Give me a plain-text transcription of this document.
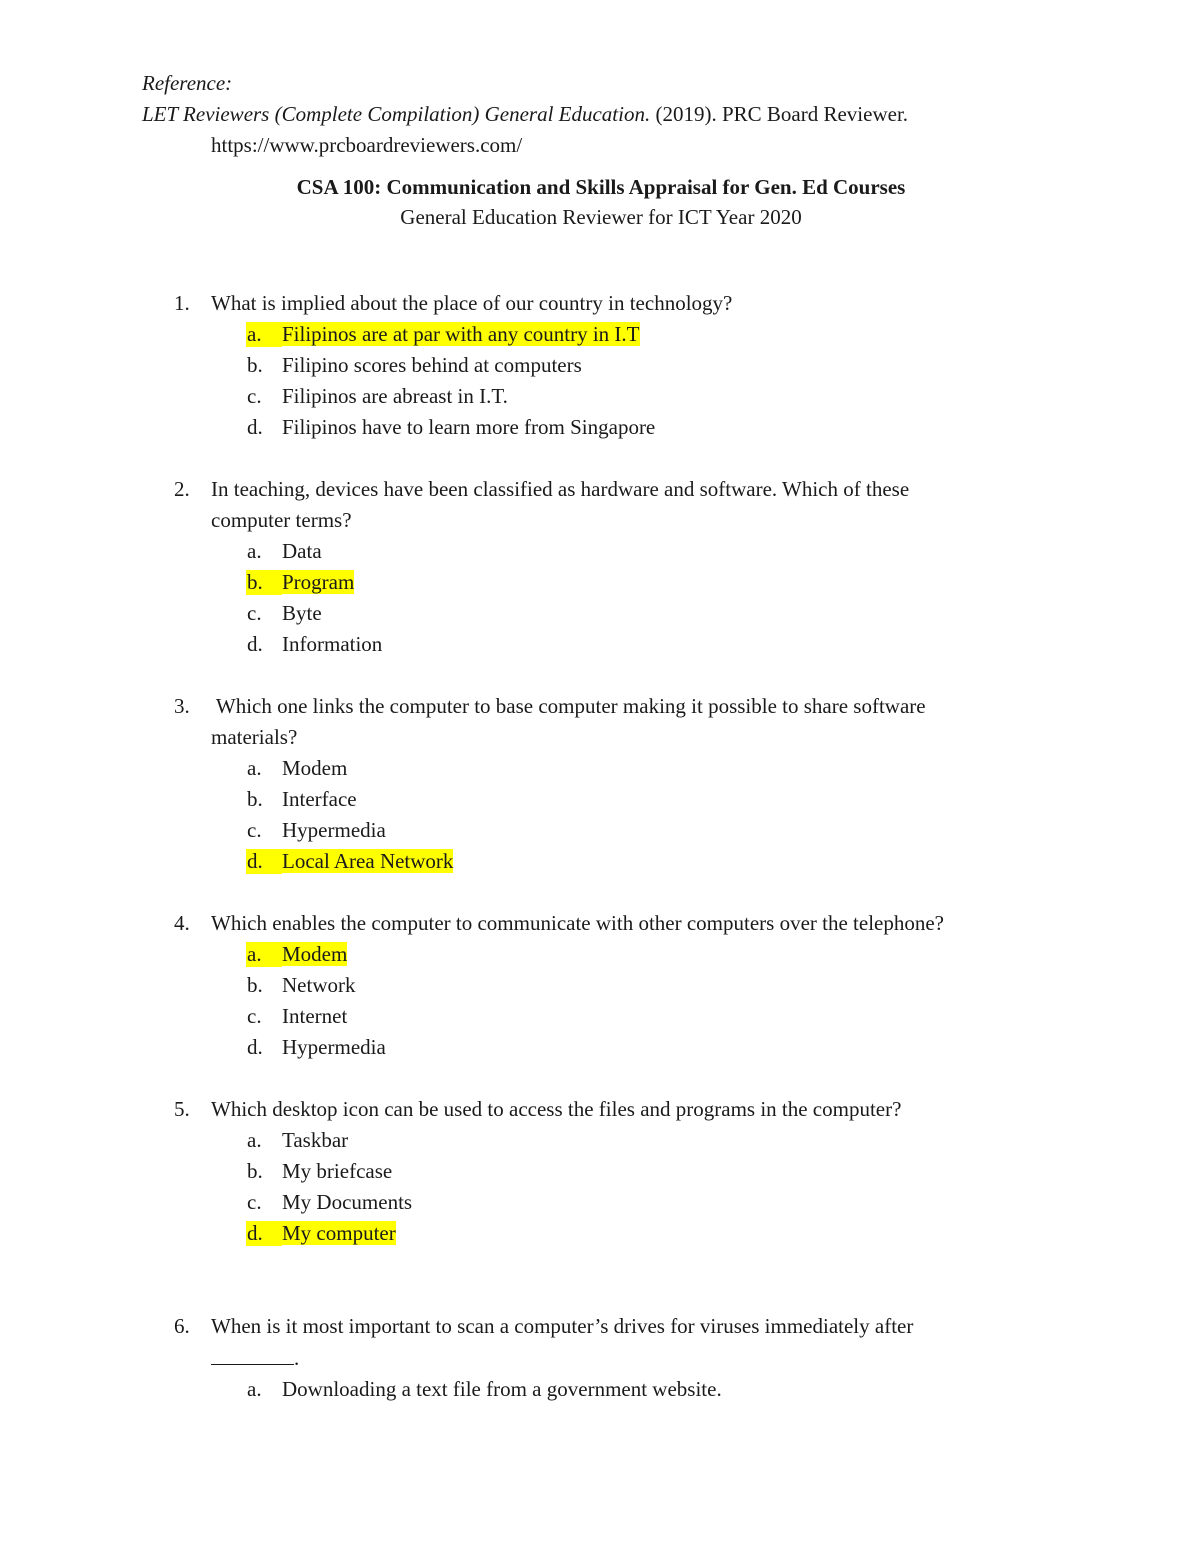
Reference:
LET Reviewers (Complete Compilation) General Education. (2019). PRC Board Reviewer.
https://www.prcboardreviewers.com/
CSA 100: Communication and Skills Appraisal for Gen. Ed Courses
General Education Reviewer for ICT Year 2020
1. What is implied about the place of our country in technology?
a. Filipinos are at par with any country in I.T
b. Filipino scores behind at computers
c. Filipinos are abreast in I.T.
d. Filipinos have to learn more from Singapore
2. In teaching, devices have been classified as hardware and software. Which of these
computer terms?
a. Data
b. Program
c. Byte
d. Information
3. Which one links the computer to base computer making it possible to share software
materials?
a. Modem
b. Interface
c. Hypermedia
d. Local Area Network
4. Which enables the computer to communicate with other computers over the telephone?
a. Modem
b. Network
c. Internet
d. Hypermedia
5. Which desktop icon can be used to access the files and programs in the computer?
a. Taskbar
b. My briefcase
c. My Documents
d. My computer
6. When is it most important to scan a computer’s drives for viruses immediately after
.
a. Downloading a text file from a government website.
